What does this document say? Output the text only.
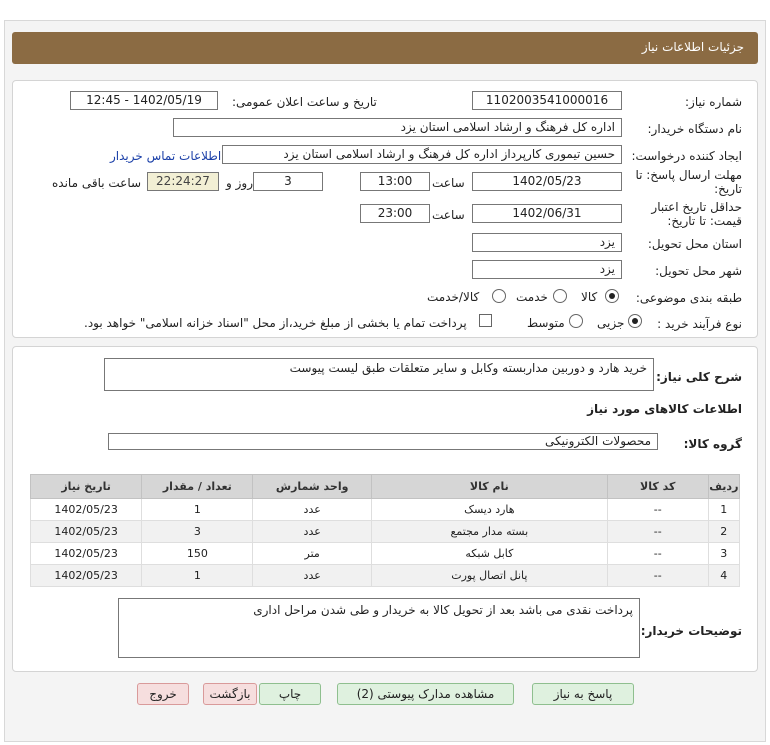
جزئیات اطلاعات نیاز
شماره نیاز:
1102003541000016
تاریخ و ساعت اعلان عمومی:
1402/05/19 - 12:45
نام دستگاه خریدار:
اداره کل فرهنگ و ارشاد اسلامی استان یزد
ایجاد کننده درخواست:
حسین تیموری کارپرداز اداره کل فرهنگ و ارشاد اسلامی استان یزد
اطلاعات تماس خریدار
مهلت ارسال پاسخ: تا
تاریخ:
1402/05/23
ساعت
13:00
3
روز و
22:24:27
ساعت باقی مانده
حداقل تاریخ اعتبار
قیمت: تا تاریخ:
1402/06/31
ساعت
23:00
استان محل تحویل:
یزد
شهر محل تحویل:
یزد
طبقه بندی موضوعی:
کالا
خدمت
کالا/خدمت
نوع فرآیند خرید :
جزیی
متوسط
پرداخت تمام یا بخشی از مبلغ خرید،از محل "اسناد خزانه اسلامی" خواهد بود.
شرح کلی نیاز:
خرید هارد و دوربین مداربسته وکابل و سایر متعلقات طبق لیست پیوست
اطلاعات کالاهای مورد نیاز
گروه کالا:
محصولات الکترونیکی
ردیف	کد کالا	نام کالا	واحد شمارش	تعداد / مقدار	تاریخ نیاز
1	--	هارد دیسک	عدد	1	1402/05/23
2	--	بسته مدار مجتمع	عدد	3	1402/05/23
3	--	کابل شبکه	متر	150	1402/05/23
4	--	پانل اتصال پورت	عدد	1	1402/05/23
توضیحات خریدار:
پرداخت نقدی می باشد بعد از تحویل کالا به خریدار و طی شدن مراحل اداری
پاسخ به نیاز
مشاهده مدارک پیوستی (2)
چاپ
بازگشت
خروج
